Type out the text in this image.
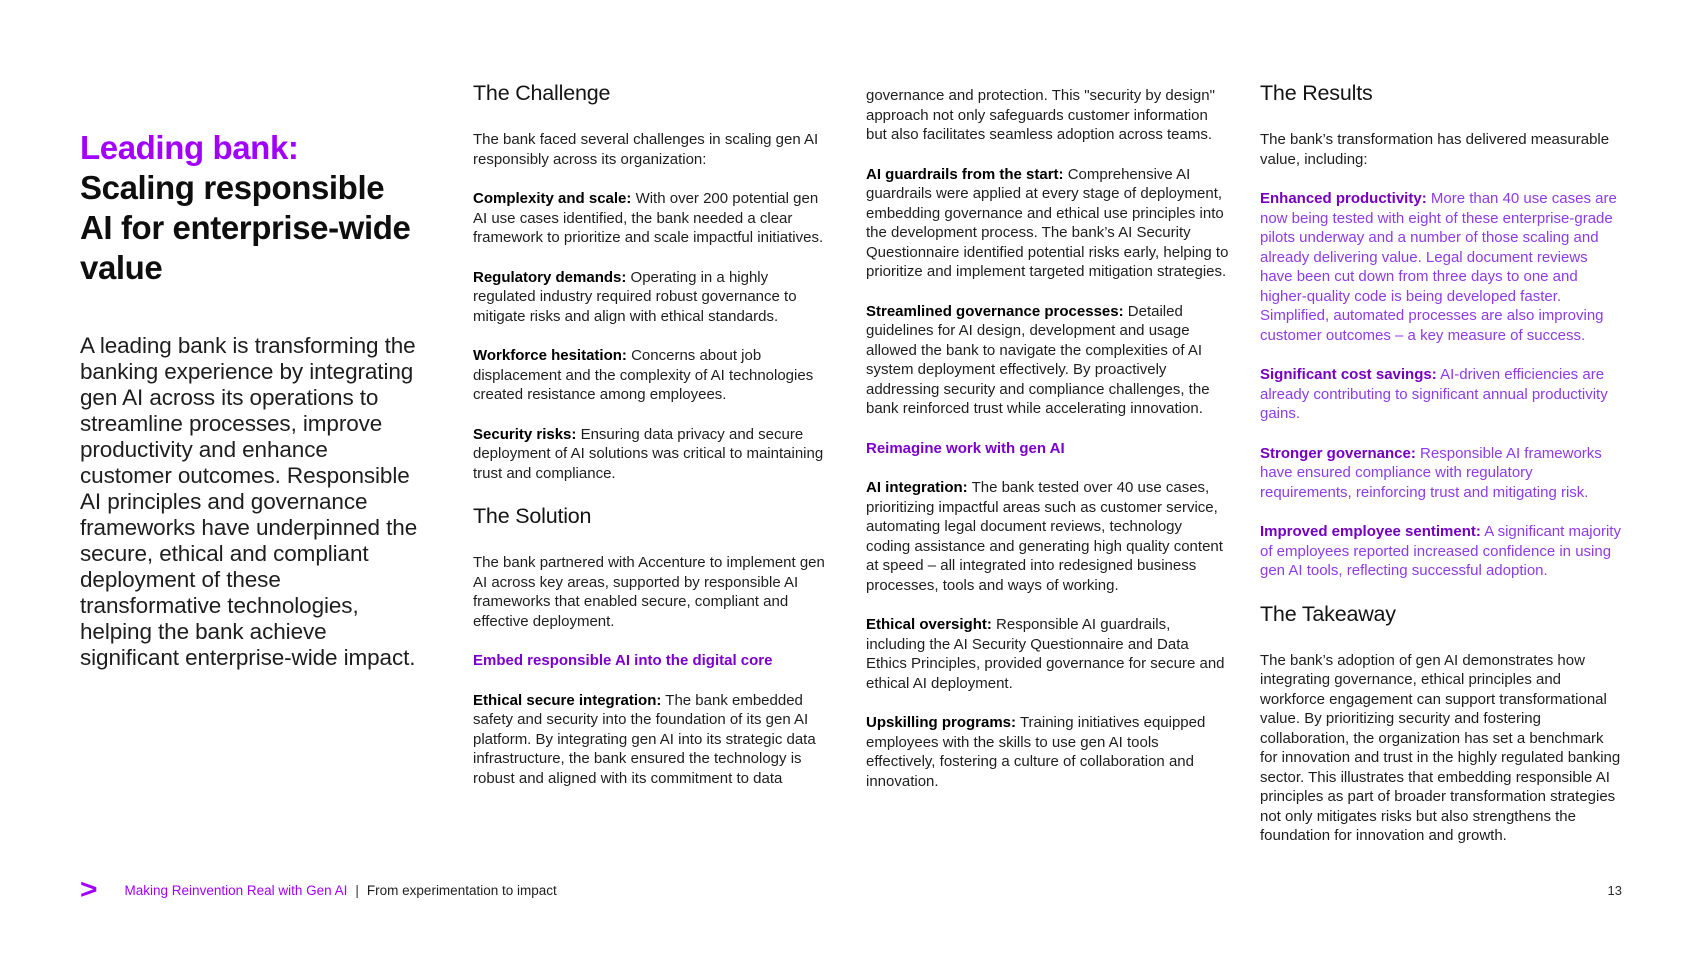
Leading bank: Scaling responsible AI for enterprise-wide value

A leading bank is transforming the banking experience by integrating gen AI across its operations to streamline processes, improve productivity and enhance customer outcomes. Responsible AI principles and governance frameworks have underpinned the secure, ethical and compliant deployment of these transformative technologies, helping the bank achieve significant enterprise-wide impact.

The Challenge

The bank faced several challenges in scaling gen AI responsibly across its organization:

Complexity and scale: With over 200 potential gen AI use cases identified, the bank needed a clear framework to prioritize and scale impactful initiatives.

Regulatory demands: Operating in a highly regulated industry required robust governance to mitigate risks and align with ethical standards.

Workforce hesitation: Concerns about job displacement and the complexity of AI technologies created resistance among employees.

Security risks: Ensuring data privacy and secure deployment of AI solutions was critical to maintaining trust and compliance.

The Solution

The bank partnered with Accenture to implement gen AI across key areas, supported by responsible AI frameworks that enabled secure, compliant and effective deployment.

Embed responsible AI into the digital core

Ethical secure integration: The bank embedded safety and security into the foundation of its gen AI platform. By integrating gen AI into its strategic data infrastructure, the bank ensured the technology is robust and aligned with its commitment to data

governance and protection. This "security by design" approach not only safeguards customer information but also facilitates seamless adoption across teams.

AI guardrails from the start: Comprehensive AI guardrails were applied at every stage of deployment, embedding governance and ethical use principles into the development process. The bank’s AI Security Questionnaire identified potential risks early, helping to prioritize and implement targeted mitigation strategies.

Streamlined governance processes: Detailed guidelines for AI design, development and usage allowed the bank to navigate the complexities of AI system deployment effectively. By proactively addressing security and compliance challenges, the bank reinforced trust while accelerating innovation.

Reimagine work with gen AI

AI integration: The bank tested over 40 use cases, prioritizing impactful areas such as customer service, automating legal document reviews, technology coding assistance and generating high quality content at speed – all integrated into redesigned business processes, tools and ways of working.

Ethical oversight: Responsible AI guardrails, including the AI Security Questionnaire and Data Ethics Principles, provided governance for secure and ethical AI deployment.

Upskilling programs: Training initiatives equipped employees with the skills to use gen AI tools effectively, fostering a culture of collaboration and innovation.

The Results

The bank’s transformation has delivered measurable value, including:

Enhanced productivity: More than 40 use cases are now being tested with eight of these enterprise-grade pilots underway and a number of those scaling and already delivering value. Legal document reviews have been cut down from three days to one and higher-quality code is being developed faster. Simplified, automated processes are also improving customer outcomes – a key measure of success.

Significant cost savings: AI-driven efficiencies are already contributing to significant annual productivity gains.

Stronger governance: Responsible AI frameworks have ensured compliance with regulatory requirements, reinforcing trust and mitigating risk.

Improved employee sentiment: A significant majority of employees reported increased confidence in using gen AI tools, reflecting successful adoption.

The Takeaway

The bank’s adoption of gen AI demonstrates how integrating governance, ethical principles and workforce engagement can support transformational value. By prioritizing security and fostering collaboration, the organization has set a benchmark for innovation and trust in the highly regulated banking sector. This illustrates that embedding responsible AI principles as part of broader transformation strategies not only mitigates risks but also strengthens the foundation for innovation and growth.

> Making Reinvention Real with Gen AI | From experimentation to impact	13
